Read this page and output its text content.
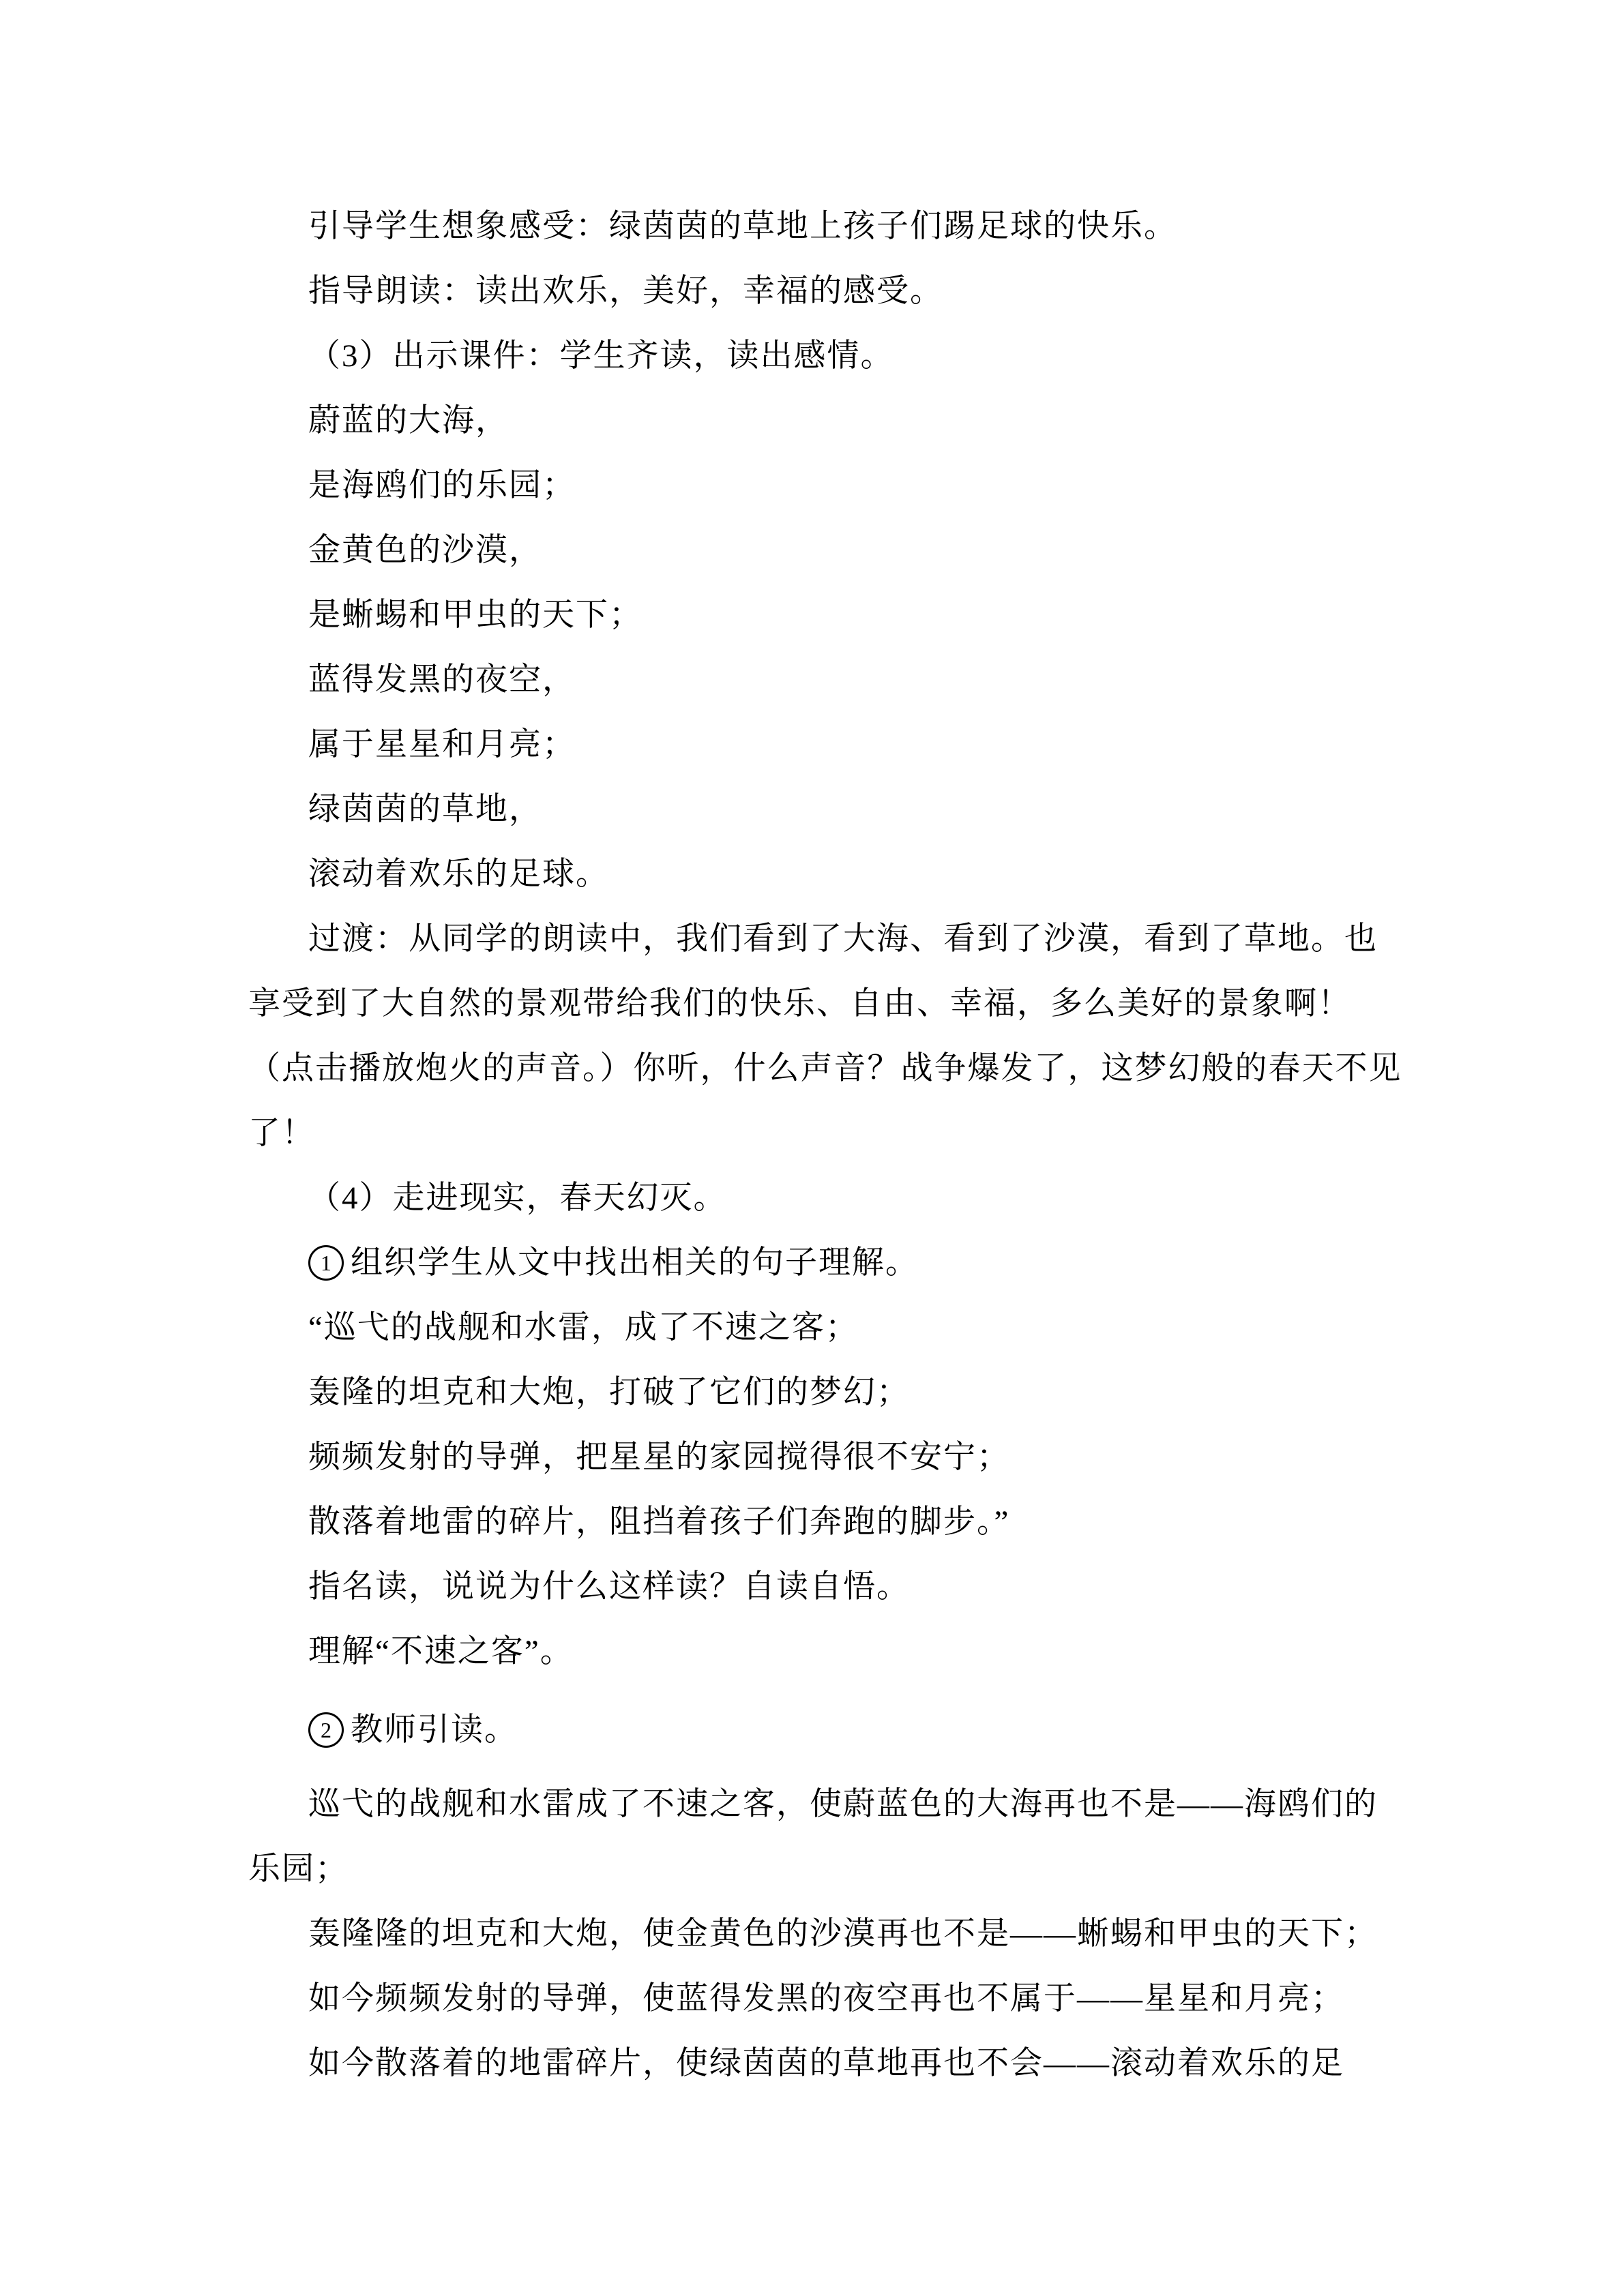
引导学生想象感受：绿茵茵的草地上孩子们踢足球的快乐。
指导朗读：读出欢乐，美好，幸福的感受。
（3）出示课件：学生齐读，读出感情。
蔚蓝的大海，
是海鸥们的乐园；
金黄色的沙漠，
是蜥蜴和甲虫的天下；
蓝得发黑的夜空，
属于星星和月亮；
绿茵茵的草地，
滚动着欢乐的足球。
过渡：从同学的朗读中，我们看到了大海、看到了沙漠，看到了草地。也
享受到了大自然的景观带给我们的快乐、自由、幸福，多么美好的景象啊！
（点击播放炮火的声音。）你听，什么声音？战争爆发了，这梦幻般的春天不见
了！
（4）走进现实，春天幻灭。
1 组织学生从文中找出相关的句子理解。
“巡弋的战舰和水雷，成了不速之客；
轰隆的坦克和大炮，打破了它们的梦幻；
频频发射的导弹，把星星的家园搅得很不安宁；
散落着地雷的碎片，阻挡着孩子们奔跑的脚步。”
指名读，说说为什么这样读？自读自悟。
理解“不速之客”。
2 教师引读。
巡弋的战舰和水雷成了不速之客，使蔚蓝色的大海再也不是——海鸥们的
乐园；
轰隆隆的坦克和大炮，使金黄色的沙漠再也不是——蜥蜴和甲虫的天下；
如今频频发射的导弹，使蓝得发黑的夜空再也不属于——星星和月亮；
如今散落着的地雷碎片，使绿茵茵的草地再也不会——滚动着欢乐的足
